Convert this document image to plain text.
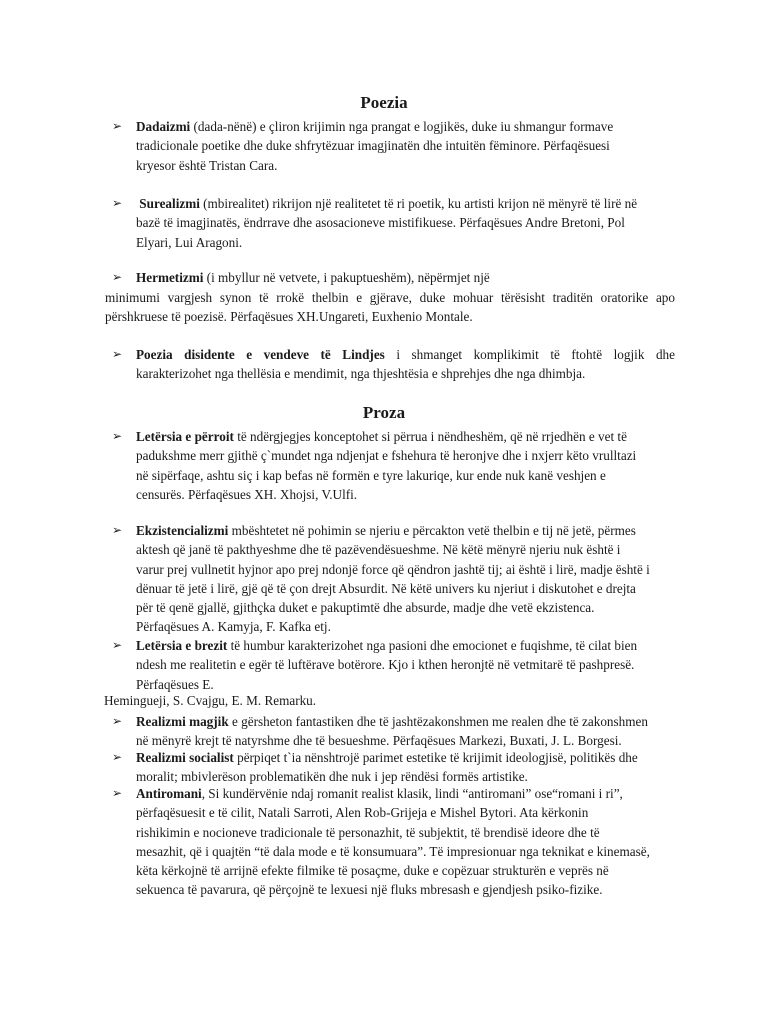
Poezia
➢ Dadaizmi (dada-nënë) e çliron krijimin nga prangat e logjikës, duke iu shmangur formave
tradicionale poetike dhe duke shfrytëzuar imagjinatën dhe intuitën fëminore. Përfaqësuesi
kryesor është Tristan Cara.
➢ Surealizmi (mbirealitet) rikrijon një realitetet të ri poetik, ku artisti krijon në mënyrë të lirë në
bazë të imagjinatës, ëndrrave dhe asosacioneve mistifikuese. Përfaqësues Andre Bretoni, Pol
Elyari, Lui Aragoni.
➢ Hermetizmi (i mbyllur në vetvete, i pakuptueshëm), nëpërmjet një
minimumi vargjesh synon të rrokë thelbin e gjërave, duke mohuar tërësisht traditën oratorike apo
përshkruese të poezisë. Përfaqësues XH.Ungareti, Euxhenio Montale.
➢ Poezia disidente e vendeve të Lindjes i shmanget komplikimit të ftohtë logjik dhe
karakterizohet nga thellësia e mendimit, nga thjeshtësia e shprehjes dhe nga dhimbja.
Proza
➢ Letërsia e përroit të ndërgjegjes konceptohet si përrua i nëndheshëm, që në rrjedhën e vet të
padukshme merr gjithë ç`mundet nga ndjenjat e fshehura të heronjve dhe i nxjerr këto vrulltazi
në sipërfaqe, ashtu siç i kap befas në formën e tyre lakuriqe, kur ende nuk kanë veshjen e
censurës. Përfaqësues XH. Xhojsi, V.Ulfi.
➢ Ekzistencializmi mbështetet në pohimin se njeriu e përcakton vetë thelbin e tij në jetë, përmes
aktesh që janë të pakthyeshme dhe të pazëvendësueshme. Në këtë mënyrë njeriu nuk është i
varur prej vullnetit hyjnor apo prej ndonjë force që qëndron jashtë tij; ai është i lirë, madje është i
dënuar të jetë i lirë, gjë që të çon drejt Absurdit. Në këtë univers ku njeriut i diskutohet e drejta
për të qenë gjallë, gjithçka duket e pakuptimtë dhe absurde, madje dhe vetë ekzistenca.
Përfaqësues A. Kamyja, F. Kafka etj.
➢ Letërsia e brezit të humbur karakterizohet nga pasioni dhe emocionet e fuqishme, të cilat bien
ndesh me realitetin e egër të luftërave botërore. Kjo i kthen heronjtë në vetmitarë të pashpresë.
Përfaqësues E.
Hemingueji, S. Cvajgu, E. M. Remarku.
➢ Realizmi magjik e gërsheton fantastiken dhe të jashtëzakonshmen me realen dhe të zakonshmen
në mënyrë krejt të natyrshme dhe të besueshme. Përfaqësues Markezi, Buxati, J. L. Borgesi.
➢ Realizmi socialist përpiqet t`ia nënshtrojë parimet estetike të krijimit ideologjisë, politikës dhe
moralit; mbivlerëson problematikën dhe nuk i jep rëndësi formës artistike.
➢ Antiromani, Si kundërvënie ndaj romanit realist klasik, lindi “antiromani” ose“romani i ri”,
përfaqësuesit e të cilit, Natali Sarroti, Alen Rob-Grijeja e Mishel Bytori. Ata kërkonin
rishikimin e nocioneve tradicionale të personazhit, të subjektit, të brendisë ideore dhe të
mesazhit, që i quajtën “të dala mode e të konsumuara”. Të impresionuar nga teknikat e kinemasë,
këta kërkojnë të arrijnë efekte filmike të posaçme, duke e copëzuar strukturën e veprës në
sekuenca të pavarura, që përçojnë te lexuesi një fluks mbresash e gjendjesh psiko-fizike.
